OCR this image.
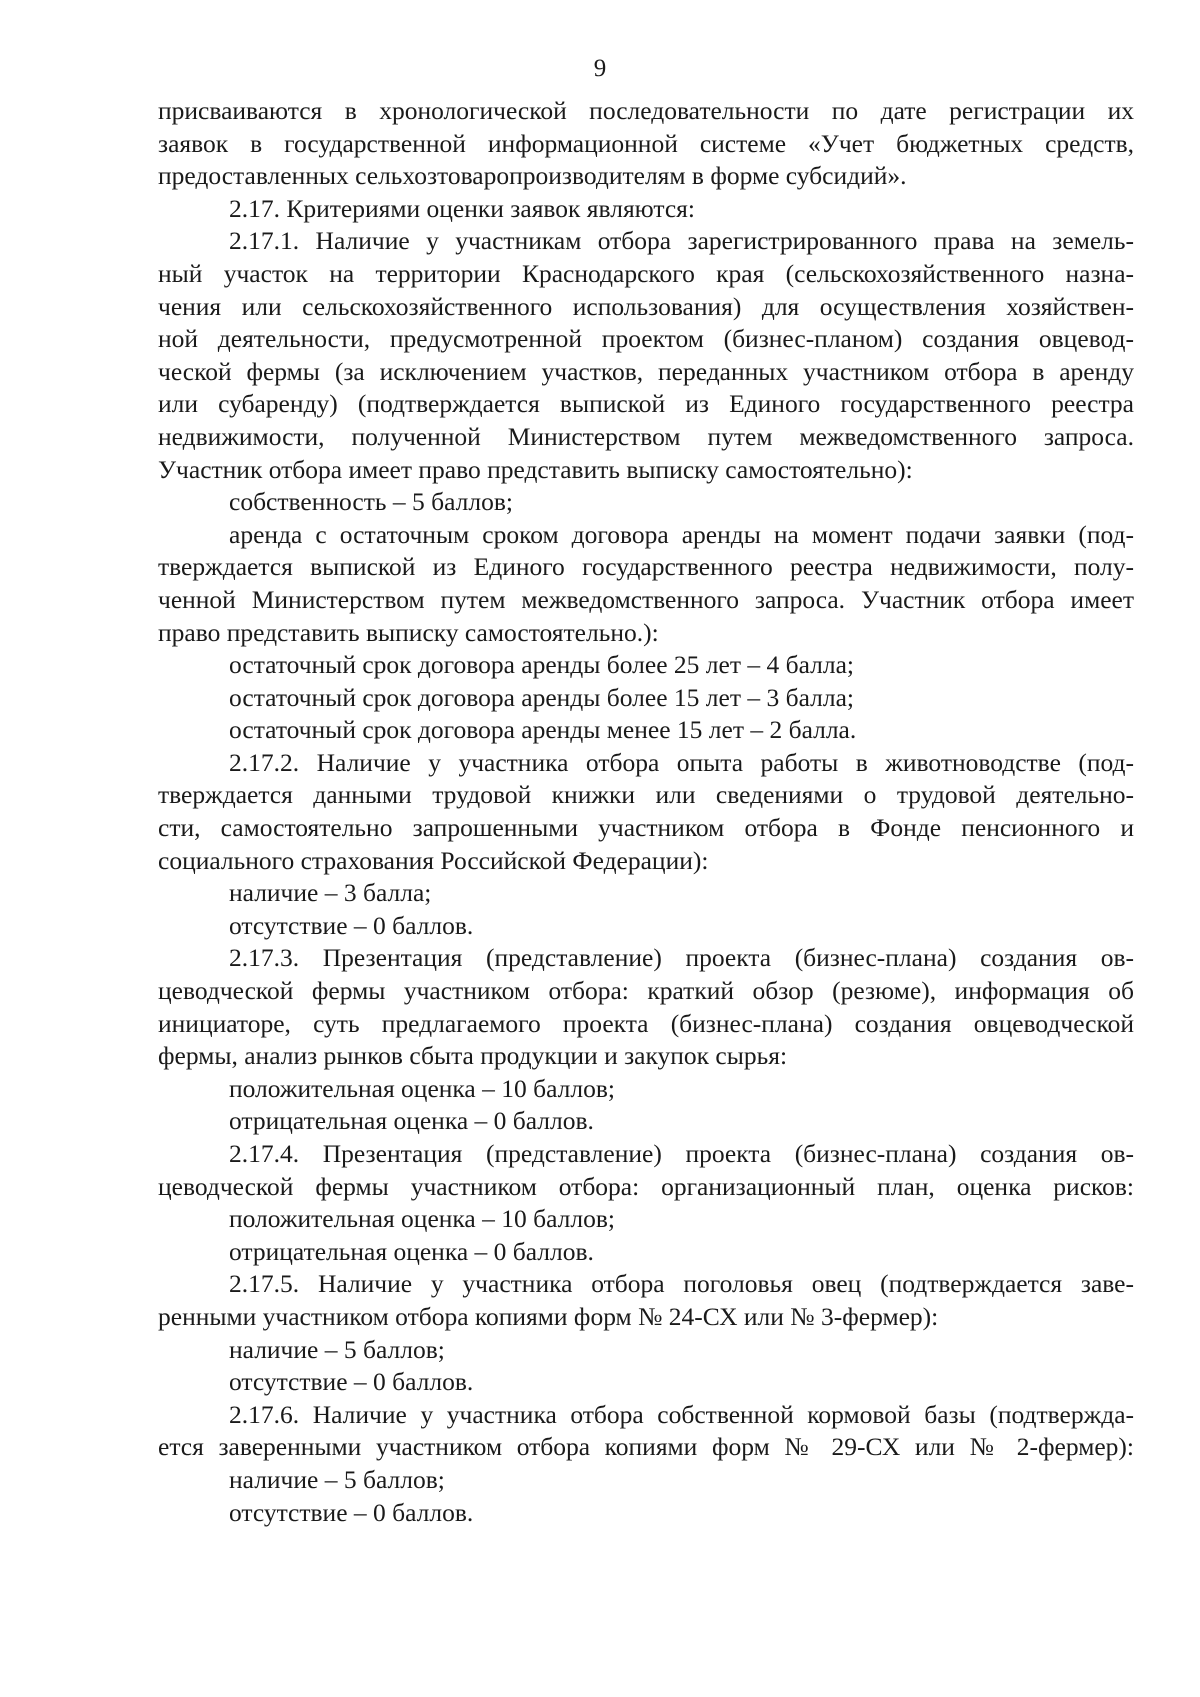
9
присваиваются в хронологической последовательности по дате регистрации их
заявок в государственной информационной системе «Учет бюджетных средств,
предоставленных сельхозтоваропроизводителям в форме субсидий».
2.17. Критериями оценки заявок являются:
2.17.1. Наличие у участникам отбора зарегистрированного права на земель-
ный участок на территории Краснодарского края (сельскохозяйственного назна-
чения или сельскохозяйственного использования) для осуществления хозяйствен-
ной деятельности, предусмотренной проектом (бизнес-планом) создания овцевод-
ческой фермы (за исключением участков, переданных участником отбора в аренду
или субаренду) (подтверждается выпиской из Единого государственного реестра
недвижимости, полученной Министерством путем межведомственного запроса.
Участник отбора имеет право представить выписку самостоятельно):
собственность – 5 баллов;
аренда с остаточным сроком договора аренды на момент подачи заявки (под-
тверждается выпиской из Единого государственного реестра недвижимости, полу-
ченной Министерством путем межведомственного запроса. Участник отбора имеет
право представить выписку самостоятельно.):
остаточный срок договора аренды более 25 лет – 4 балла;
остаточный срок договора аренды более 15 лет – 3 балла;
остаточный срок договора аренды менее 15 лет – 2 балла.
2.17.2. Наличие у участника отбора опыта работы в животноводстве (под-
тверждается данными трудовой книжки или сведениями о трудовой деятельно-
сти, самостоятельно запрошенными участником отбора в Фонде пенсионного и
социального страхования Российской Федерации):
наличие – 3 балла;
отсутствие – 0 баллов.
2.17.3. Презентация (представление) проекта (бизнес-плана) создания ов-
цеводческой фермы участником отбора: краткий обзор (резюме), информация об
инициаторе, суть предлагаемого проекта (бизнес-плана) создания овцеводческой
фермы, анализ рынков сбыта продукции и закупок сырья:
положительная оценка – 10 баллов;
отрицательная оценка – 0 баллов.
2.17.4. Презентация (представление) проекта (бизнес-плана) создания ов-
цеводческой фермы участником отбора: организационный план, оценка рисков:
положительная оценка – 10 баллов;
отрицательная оценка – 0 баллов.
2.17.5. Наличие у участника отбора поголовья овец (подтверждается заве-
ренными участником отбора копиями форм № 24-СХ или № 3-фермер):
наличие – 5 баллов;
отсутствие – 0 баллов.
2.17.6. Наличие у участника отбора собственной кормовой базы (подтвержда-
ется заверенными участником отбора копиями форм № 29-СХ или № 2-фермер):
наличие – 5 баллов;
отсутствие – 0 баллов.
